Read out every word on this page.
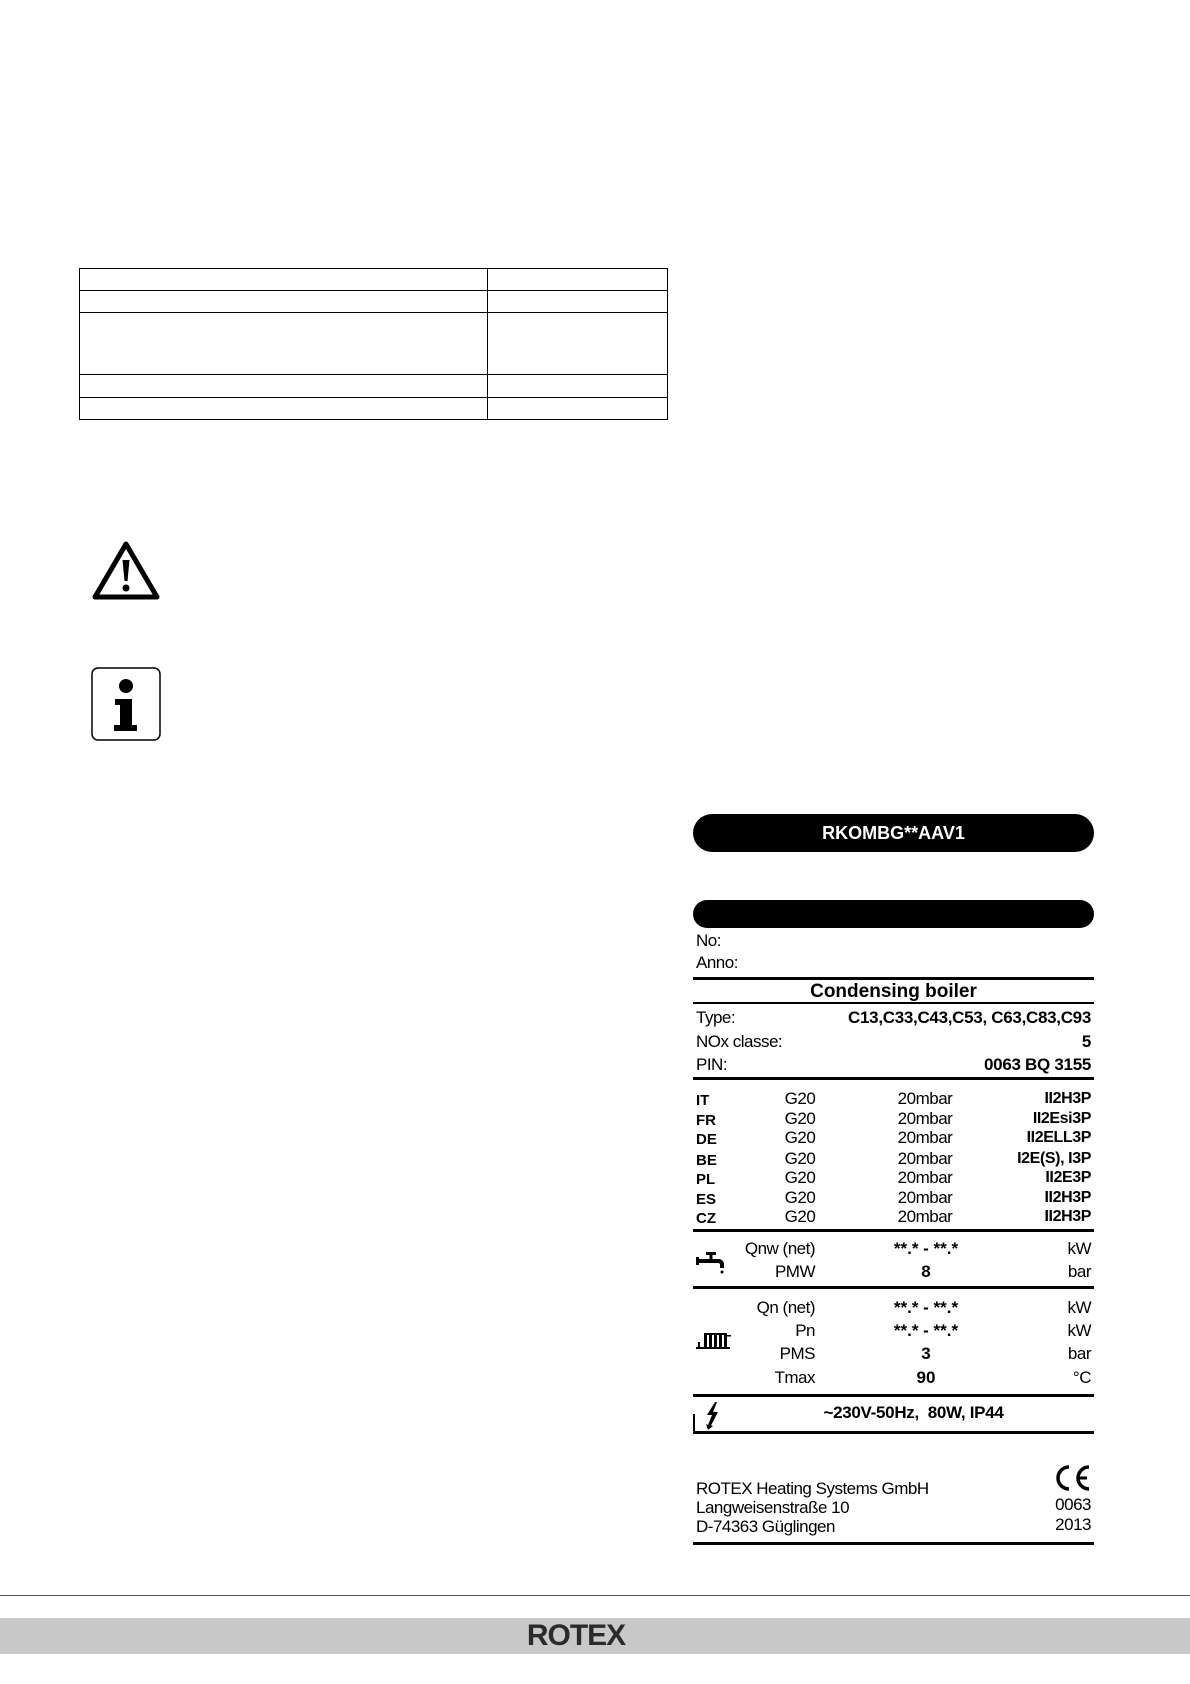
RKOMBG**AAV1
No:
Anno:
Condensing boiler
Type:	C13,C33,C43,C53, C63,C83,C93
NOx classe:	5
PIN:	0063 BQ 3155
IT	G20	20mbar	II2H3P
FR	G20	20mbar	II2Esi3P
DE	G20	20mbar	II2ELL3P
BE	G20	20mbar	I2E(S), I3P
PL	G20	20mbar	II2E3P
ES	G20	20mbar	II2H3P
CZ	G20	20mbar	II2H3P
Qnw (net)	**.* - **.*	kW
PMW	8	bar
Qn (net)	**.* - **.*	kW
Pn	**.* - **.*	kW
PMS	3	bar
Tmax	90	°C
~230V-50Hz,  80W, IP44
ROTEX Heating Systems GmbH
Langweisenstraße 10
D-74363 Güglingen
0063
2013
ROTEX
